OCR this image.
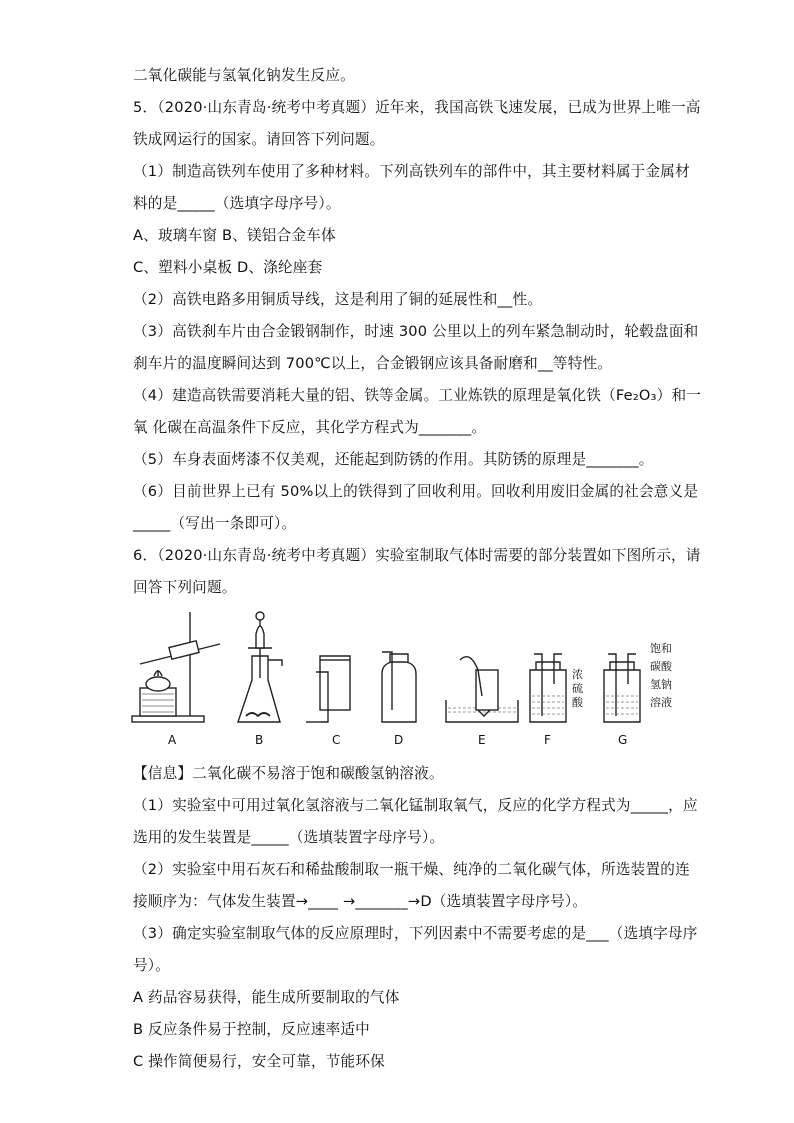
二氧化碳能与氢氧化钠发生反应。
5．（2020·山东青岛·统考中考真题）近年来，我国高铁飞速发展，已成为世界上唯一高
铁成网运行的国家。请回答下列问题。
（1）制造高铁列车使用了多种材料。下列高铁列车的部件中，其主要材料属于金属材
料的是_____（选填字母序号）。
A、玻璃车窗 B、镁铝合金车体
C、塑料小桌板 D、涤纶座套
（2）高铁电路多用铜质导线，这是利用了铜的延展性和__性。
（3）高铁刹车片由合金锻钢制作，时速 300 公里以上的列车紧急制动时，轮毂盘面和
刹车片的温度瞬间达到 700℃以上，合金锻钢应该具备耐磨和__等特性。
（4）建造高铁需要消耗大量的铝、铁等金属。工业炼铁的原理是氧化铁（Fe₂O₃）和一
氧 化碳在高温条件下反应，其化学方程式为_______。
（5）车身表面烤漆不仅美观，还能起到防锈的作用。其防锈的原理是_______。
（6）目前世界上已有 50%以上的铁得到了回收利用。回收利用废旧金属的社会意义是
_____（写出一条即可）。
6．（2020·山东青岛·统考中考真题）实验室制取气体时需要的部分装置如下图所示，请
回答下列问题。
A	B	C	D	E	F	G
浓
硫
酸
饱和
碳酸
氢钠
溶液
【信息】二氧化碳不易溶于饱和碳酸氢钠溶液。
（1）实验室中可用过氧化氢溶液与二氧化锰制取氧气，反应的化学方程式为_____，应
选用的发生装置是_____（选填装置字母序号）。
（2）实验室中用石灰石和稀盐酸制取一瓶干燥、纯净的二氧化碳气体，所选装置的连
接顺序为：气体发生装置→____ →_______→D（选填装置字母序号）。
（3）确定实验室制取气体的反应原理时，下列因素中不需要考虑的是___（选填字母序
号）。
A 药品容易获得，能生成所要制取的气体
B 反应条件易于控制，反应速率适中
C 操作简便易行，安全可靠，节能环保
